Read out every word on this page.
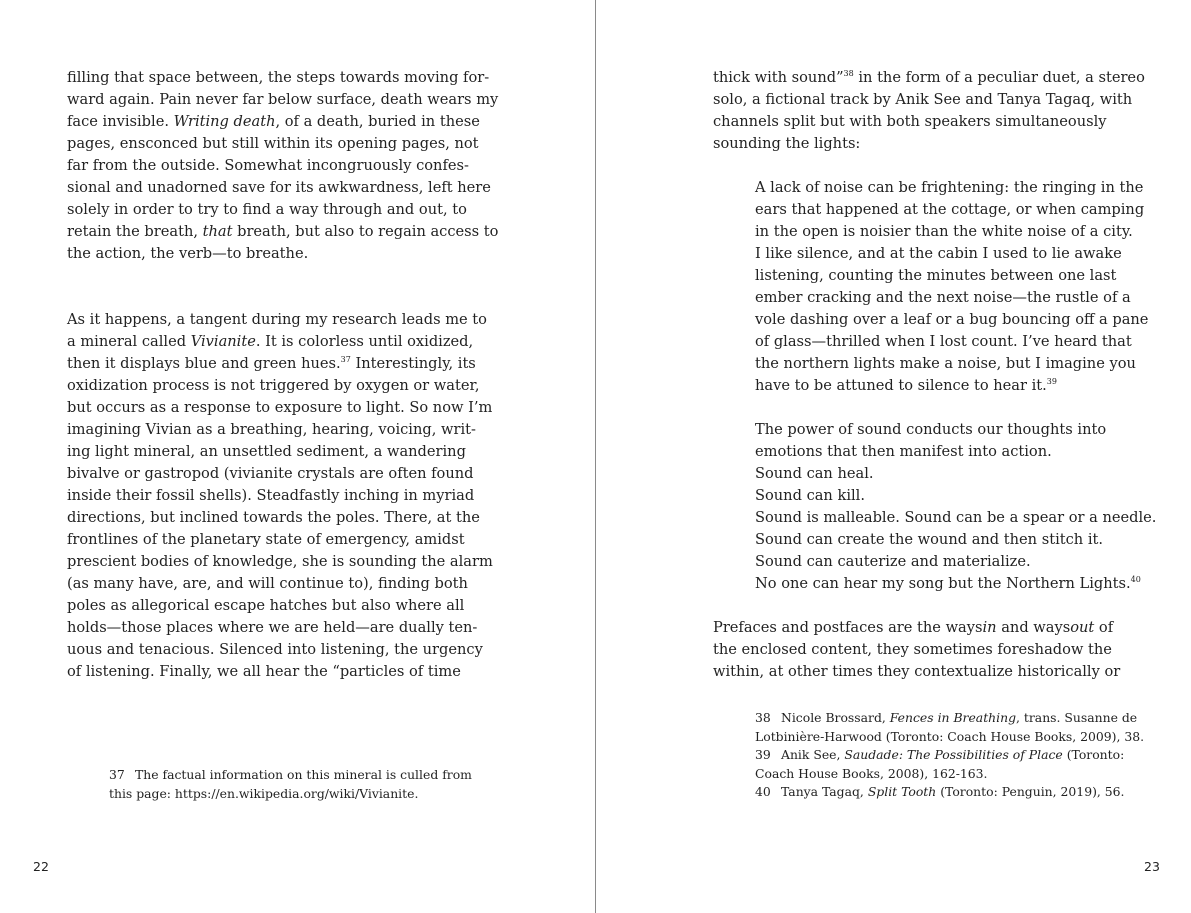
filling that space between, the steps towards moving for-
ward again. Pain never far below surface, death wears my
face invisible. Writing death, of a death, buried in these
pages, ensconced but still within its opening pages, not
far from the outside. Somewhat incongruously confes-
sional and unadorned save for its awkwardness, left here
solely in order to try to find a way through and out, to
retain the breath, that breath, but also to regain access to
the action, the verb—to breathe.
As it happens, a tangent during my research leads me to
a mineral called Vivianite. It is colorless until oxidized,
then it displays blue and green hues.$^{37}$ Interestingly, its
oxidization process is not triggered by oxygen or water,
but occurs as a response to exposure to light. So now I’m
imagining Vivian as a breathing, hearing, voicing, writ-
ing light mineral, an unsettled sediment, a wandering
bivalve or gastropod (vivianite crystals are often found
inside their fossil shells). Steadfastly inching in myriad
directions, but inclined towards the poles. There, at the
frontlines of the planetary state of emergency, amidst
prescient bodies of knowledge, she is sounding the alarm
(as many have, are, and will continue to), finding both
poles as allegorical escape hatches but also where all
holds—those places where we are held—are dually ten-
uous and tenacious. Silenced into listening, the urgency
of listening. Finally, we all hear the “particles of time
37 The factual information on this mineral is culled from
this page: https://en.wikipedia.org/wiki/Vivianite.
22
thick with sound”$^{38}$ in the form of a peculiar duet, a stereo
solo, a fictional track by Anik See and Tanya Tagaq, with
channels split but with both speakers simultaneously
sounding the lights:
A lack of noise can be frightening: the ringing in the
ears that happened at the cottage, or when camping
in the open is noisier than the white noise of a city.
I like silence, and at the cabin I used to lie awake
listening, counting the minutes between one last
ember cracking and the next noise—the rustle of a
vole dashing over a leaf or a bug bouncing off a pane
of glass—thrilled when I lost count. I’ve heard that
the northern lights make a noise, but I imagine you
have to be attuned to silence to hear it.$^{39}$
The power of sound conducts our thoughts into
emotions that then manifest into action.
Sound can heal.
Sound can kill.
Sound is malleable. Sound can be a spear or a needle.
Sound can create the wound and then stitch it.
Sound can cauterize and materialize.
No one can hear my song but the Northern Lights.$^{40}$
Prefaces and postfaces are the waysin and waysout of
the enclosed content, they sometimes foreshadow the
within, at other times they contextualize historically or
38 Nicole Brossard, Fences in Breathing, trans. Susanne de
Lotbinière-Harwood (Toronto: Coach House Books, 2009), 38.
39 Anik See, Saudade: The Possibilities of Place (Toronto:
Coach House Books, 2008), 162-163.
40 Tanya Tagaq, Split Tooth (Toronto: Penguin, 2019), 56.
23
